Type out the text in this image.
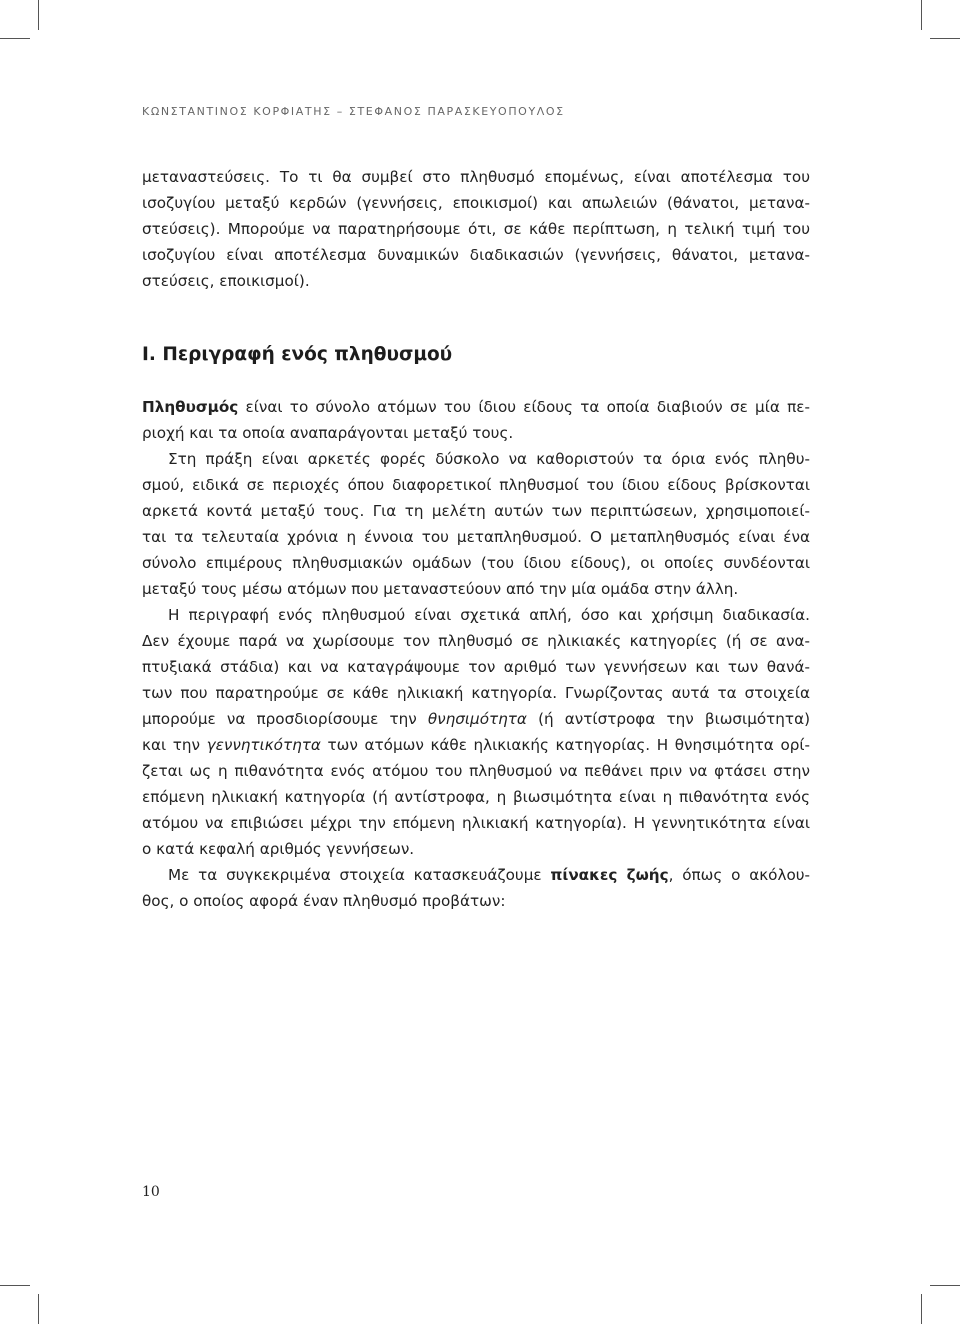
ΚΩΝΣΤΑΝΤΙΝΟΣ ΚΟΡΦΙΑΤΗΣ – ΣΤΕΦΑΝΟΣ ΠΑΡΑΣΚΕΥΟΠΟΥΛΟΣ
μεταναστεύσεις. Το τι θα συμβεί στο πληθυσμό επομένως, είναι αποτέλεσμα του
ισοζυγίου μεταξύ κερδών (γεννήσεις, εποικισμοί) και απωλειών (θάνατοι, μετανα-
στεύσεις). Μπορούμε να παρατηρήσουμε ότι, σε κάθε περίπτωση, η τελική τιμή του
ισοζυγίου είναι αποτέλεσμα δυναμικών διαδικασιών (γεννήσεις, θάνατοι, μετανα-
στεύσεις, εποικισμοί).
Ι. Περιγραφή ενός πληθυσμού
Πληθυσμός είναι το σύνολο ατόμων του ίδιου είδους τα οποία διαβιούν σε μία πε-
ριοχή και τα οποία αναπαράγονται μεταξύ τους.
Στη πράξη είναι αρκετές φορές δύσκολο να καθοριστούν τα όρια ενός πληθυ-
σμού, ειδικά σε περιοχές όπου διαφορετικοί πληθυσμοί του ίδιου είδους βρίσκονται
αρκετά κοντά μεταξύ τους. Για τη μελέτη αυτών των περιπτώσεων, χρησιμοποιεί-
ται τα τελευταία χρόνια η έννοια του μεταπληθυσμού. Ο μεταπληθυσμός είναι ένα
σύνολο επιμέρους πληθυσμιακών ομάδων (του ίδιου είδους), οι οποίες συνδέονται
μεταξύ τους μέσω ατόμων που μεταναστεύουν από την μία ομάδα στην άλλη.
Η περιγραφή ενός πληθυσμού είναι σχετικά απλή, όσο και χρήσιμη διαδικασία.
Δεν έχουμε παρά να χωρίσουμε τον πληθυσμό σε ηλικιακές κατηγορίες (ή σε ανα-
πτυξιακά στάδια) και να καταγράψουμε τον αριθμό των γεννήσεων και των θανά-
των που παρατηρούμε σε κάθε ηλικιακή κατηγορία. Γνωρίζοντας αυτά τα στοιχεία
μπορούμε να προσδιορίσουμε την θνησιμότητα (ή αντίστροφα την βιωσιμότητα)
και την γεννητικότητα των ατόμων κάθε ηλικιακής κατηγορίας. Η θνησιμότητα ορί-
ζεται ως η πιθανότητα ενός ατόμου του πληθυσμού να πεθάνει πριν να φτάσει στην
επόμενη ηλικιακή κατηγορία (ή αντίστροφα, η βιωσιμότητα είναι η πιθανότητα ενός
ατόμου να επιβιώσει μέχρι την επόμενη ηλικιακή κατηγορία). Η γεννητικότητα είναι
ο κατά κεφαλή αριθμός γεννήσεων.
Με τα συγκεκριμένα στοιχεία κατασκευάζουμε πίνακες ζωής, όπως ο ακόλου-
θος, ο οποίος αφορά έναν πληθυσμό προβάτων:
10
